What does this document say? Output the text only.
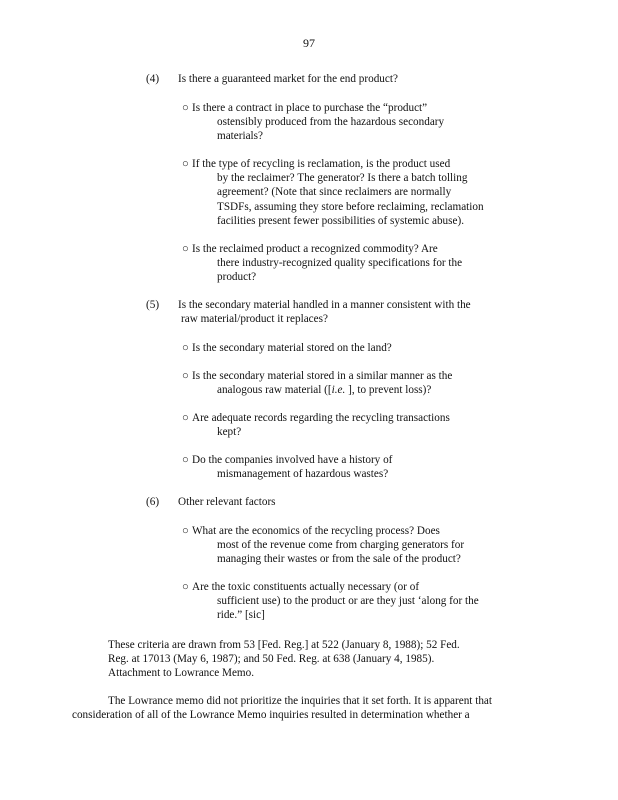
97
(4) Is there a guaranteed market for the end product?
○ Is there a contract in place to purchase the “product”
ostensibly produced from the hazardous secondary
materials?
○ If the type of recycling is reclamation, is the product used
by the reclaimer? The generator? Is there a batch tolling
agreement? (Note that since reclaimers are normally
TSDFs, assuming they store before reclaiming, reclamation
facilities present fewer possibilities of systemic abuse).
○ Is the reclaimed product a recognized commodity? Are
there industry-recognized quality specifications for the
product?
(5) Is the secondary material handled in a manner consistent with the
raw material/product it replaces?
○ Is the secondary material stored on the land?
○ Is the secondary material stored in a similar manner as the
analogous raw material ([i.e. ], to prevent loss)?
○ Are adequate records regarding the recycling transactions
kept?
○ Do the companies involved have a history of
mismanagement of hazardous wastes?
(6) Other relevant factors
○ What are the economics of the recycling process? Does
most of the revenue come from charging generators for
managing their wastes or from the sale of the product?
○ Are the toxic constituents actually necessary (or of
sufficient use) to the product or are they just ‘along for the
ride.” [sic]
These criteria are drawn from 53 [Fed. Reg.] at 522 (January 8, 1988); 52 Fed.
Reg. at 17013 (May 6, 1987); and 50 Fed. Reg. at 638 (January 4, 1985).
Attachment to Lowrance Memo.
The Lowrance memo did not prioritize the inquiries that it set forth. It is apparent that
consideration of all of the Lowrance Memo inquiries resulted in determination whether a
